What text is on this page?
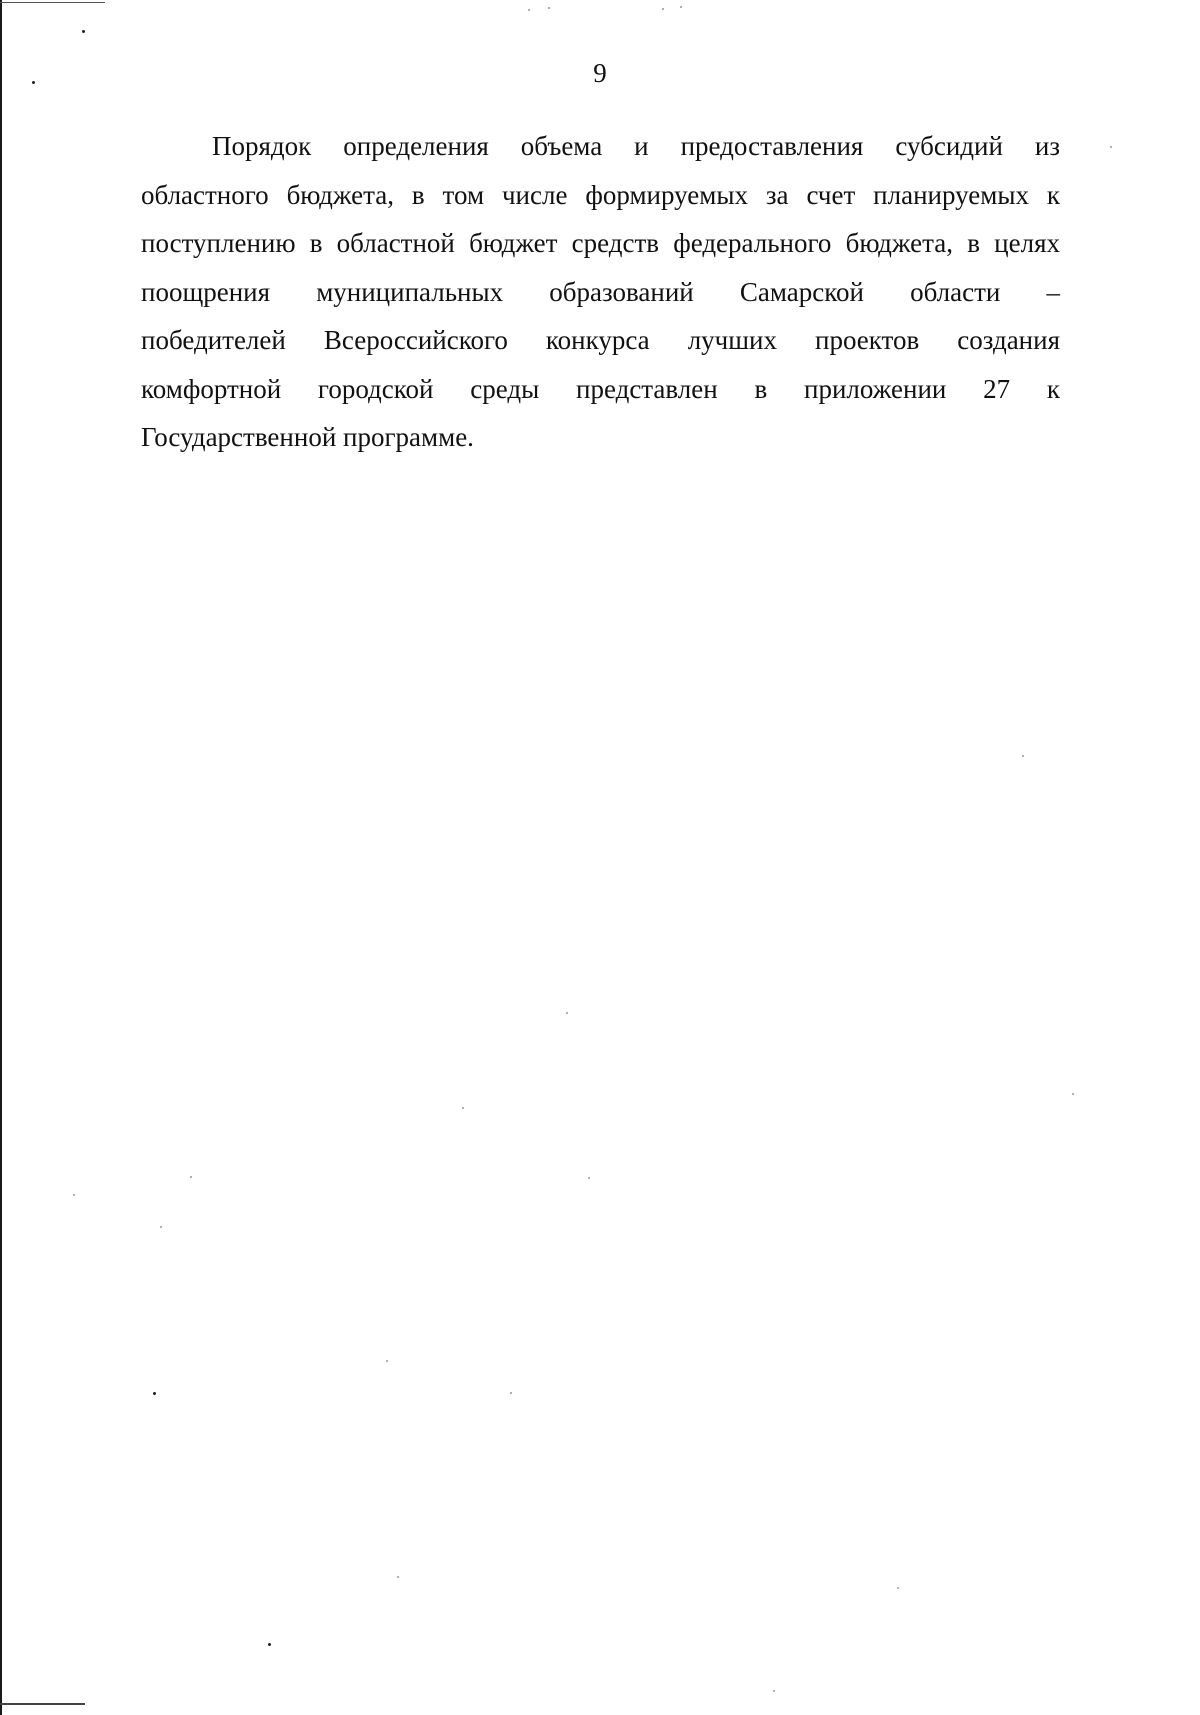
9

Порядок определения объема и предоставления субсидий из
областного бюджета, в том числе формируемых за счет планируемых к
поступлению в областной бюджет средств федерального бюджета, в целях
поощрения муниципальных образований Самарской области –
победителей Всероссийского конкурса лучших проектов создания
комфортной городской среды представлен в приложении 27 к
Государственной программе.
